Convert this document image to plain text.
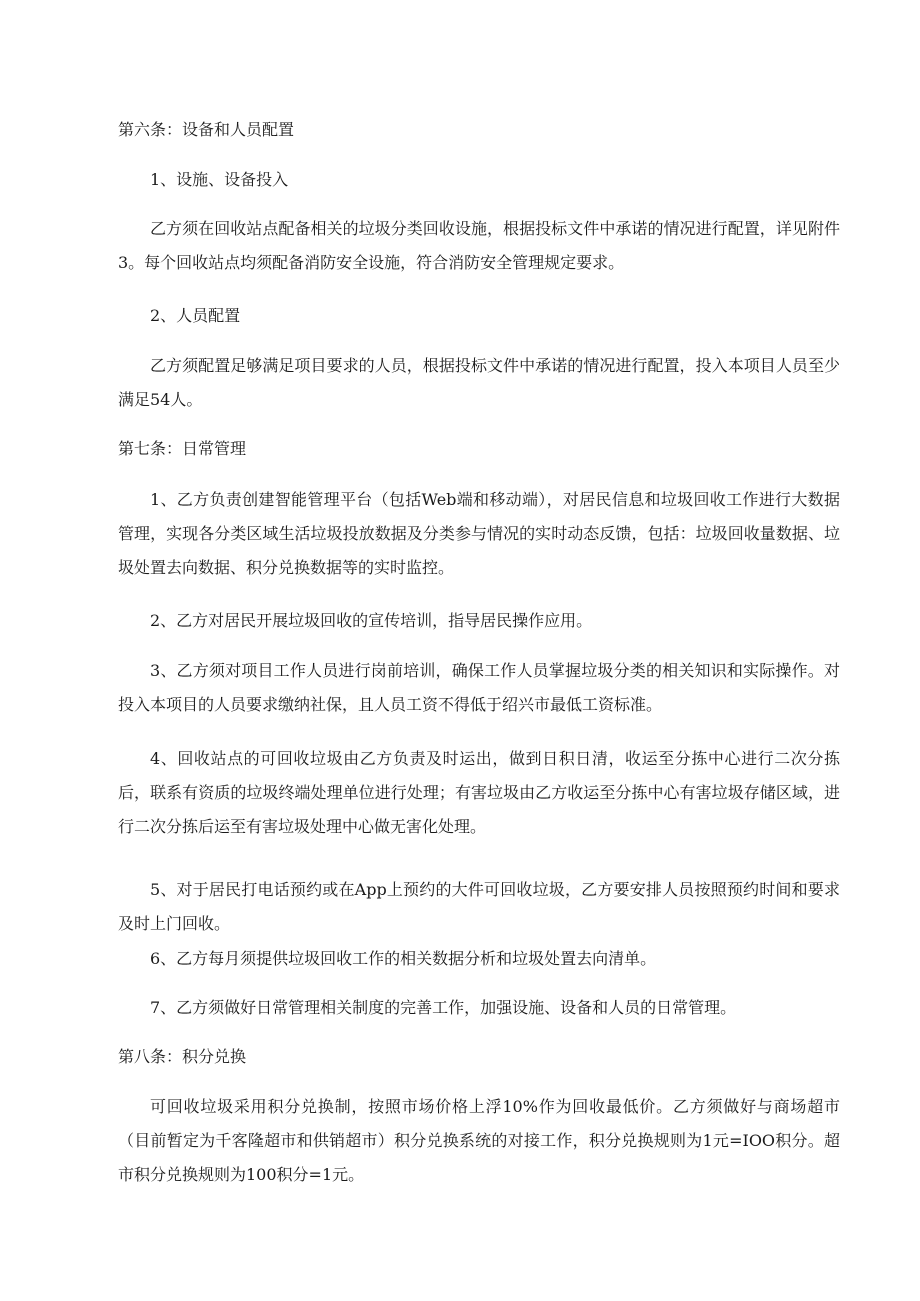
第六条：设备和人员配置

1、设施、设备投入

乙方须在回收站点配备相关的垃圾分类回收设施，根据投标文件中承诺的情况进行配置，详见附件3。每个回收站点均须配备消防安全设施，符合消防安全管理规定要求。

2、人员配置

乙方须配置足够满足项目要求的人员，根据投标文件中承诺的情况进行配置，投入本项目人员至少满足54人。

第七条：日常管理

1、乙方负责创建智能管理平台（包括Web端和移动端），对居民信息和垃圾回收工作进行大数据管理，实现各分类区域生活垃圾投放数据及分类参与情况的实时动态反馈，包括：垃圾回收量数据、垃圾处置去向数据、积分兑换数据等的实时监控。

2、乙方对居民开展垃圾回收的宣传培训，指导居民操作应用。

3、乙方须对项目工作人员进行岗前培训，确保工作人员掌握垃圾分类的相关知识和实际操作。对投入本项目的人员要求缴纳社保，且人员工资不得低于绍兴市最低工资标准。

4、回收站点的可回收垃圾由乙方负责及时运出，做到日积日清，收运至分拣中心进行二次分拣后，联系有资质的垃圾终端处理单位进行处理；有害垃圾由乙方收运至分拣中心有害垃圾存储区域，进行二次分拣后运至有害垃圾处理中心做无害化处理。

5、对于居民打电话预约或在App上预约的大件可回收垃圾，乙方要安排人员按照预约时间和要求及时上门回收。

6、乙方每月须提供垃圾回收工作的相关数据分析和垃圾处置去向清单。

7、乙方须做好日常管理相关制度的完善工作，加强设施、设备和人员的日常管理。

第八条：积分兑换

可回收垃圾采用积分兑换制，按照市场价格上浮10%作为回收最低价。乙方须做好与商场超市（目前暂定为千客隆超市和供销超市）积分兑换系统的对接工作，积分兑换规则为1元=IOO积分。超市积分兑换规则为100积分=1元。
